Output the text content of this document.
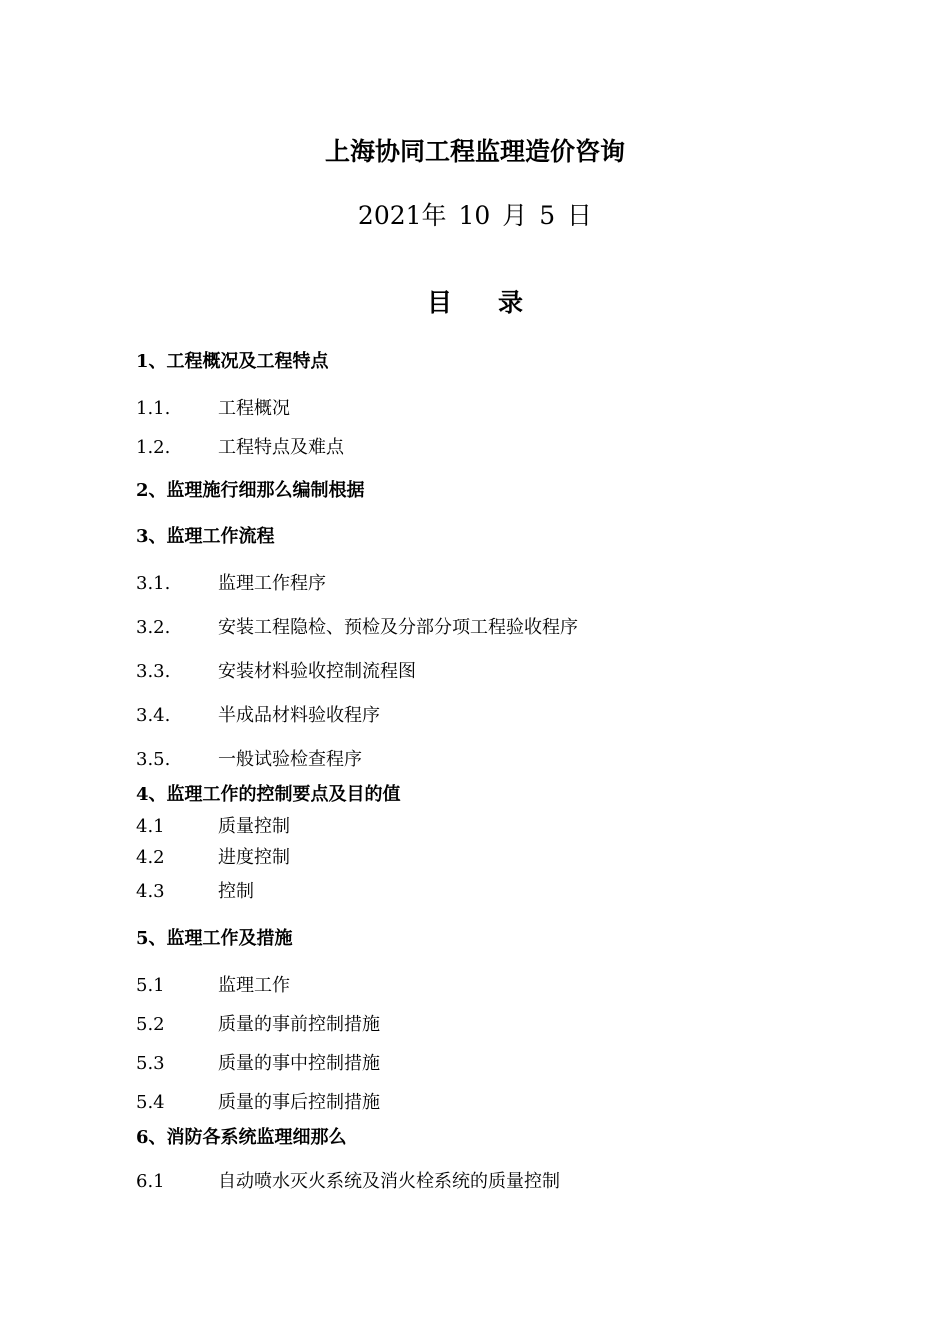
上海协同工程监理造价咨询
2021年 10 月 5 日
目录
1、工程概况及工程特点
1.1.	工程概况
1.2.	工程特点及难点
2、监理施行细那么编制根据
3、监理工作流程
3.1.	监理工作程序
3.2.	安装工程隐检、预检及分部分项工程验收程序
3.3.	安装材料验收控制流程图
3.4.	半成品材料验收程序
3.5.	一般试验检查程序
4、监理工作的控制要点及目的值
4.1	质量控制
4.2	进度控制
4.3	控制
5、监理工作及措施
5.1	监理工作
5.2	质量的事前控制措施
5.3	质量的事中控制措施
5.4	质量的事后控制措施
6、消防各系统监理细那么
6.1	自动喷水灭火系统及消火栓系统的质量控制
